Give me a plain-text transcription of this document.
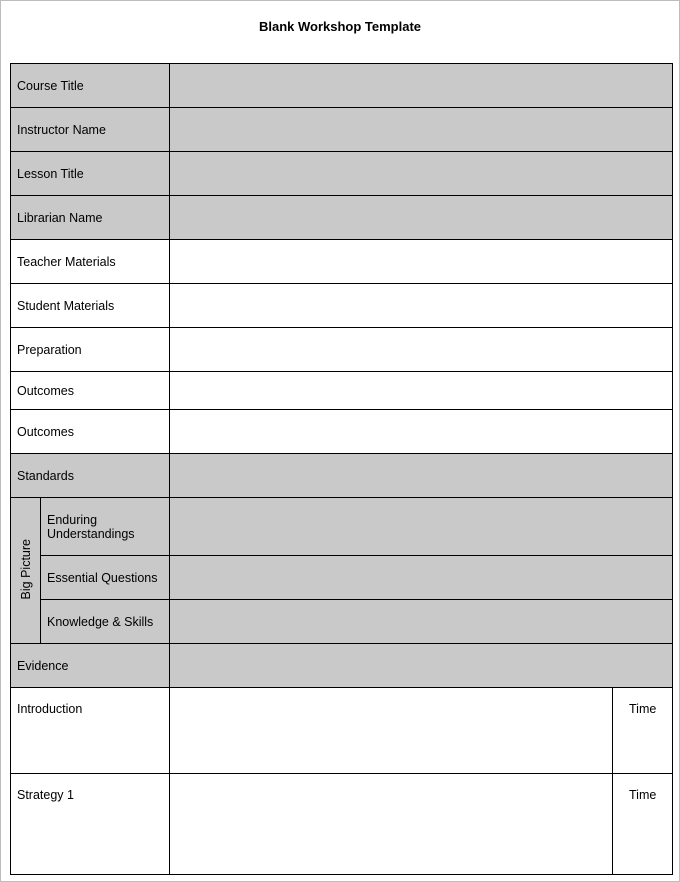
Blank Workshop Template
Course Title			
Instructor Name			
Lesson Title			
Librarian Name			
Teacher Materials			
Student Materials			
Preparation			
Outcomes			
Outcomes			
Standards			
Big Picture	Enduring Understandings		
	Essential Questions		
	Knowledge & Skills		
Evidence			
Introduction			Time
Strategy 1			Time
